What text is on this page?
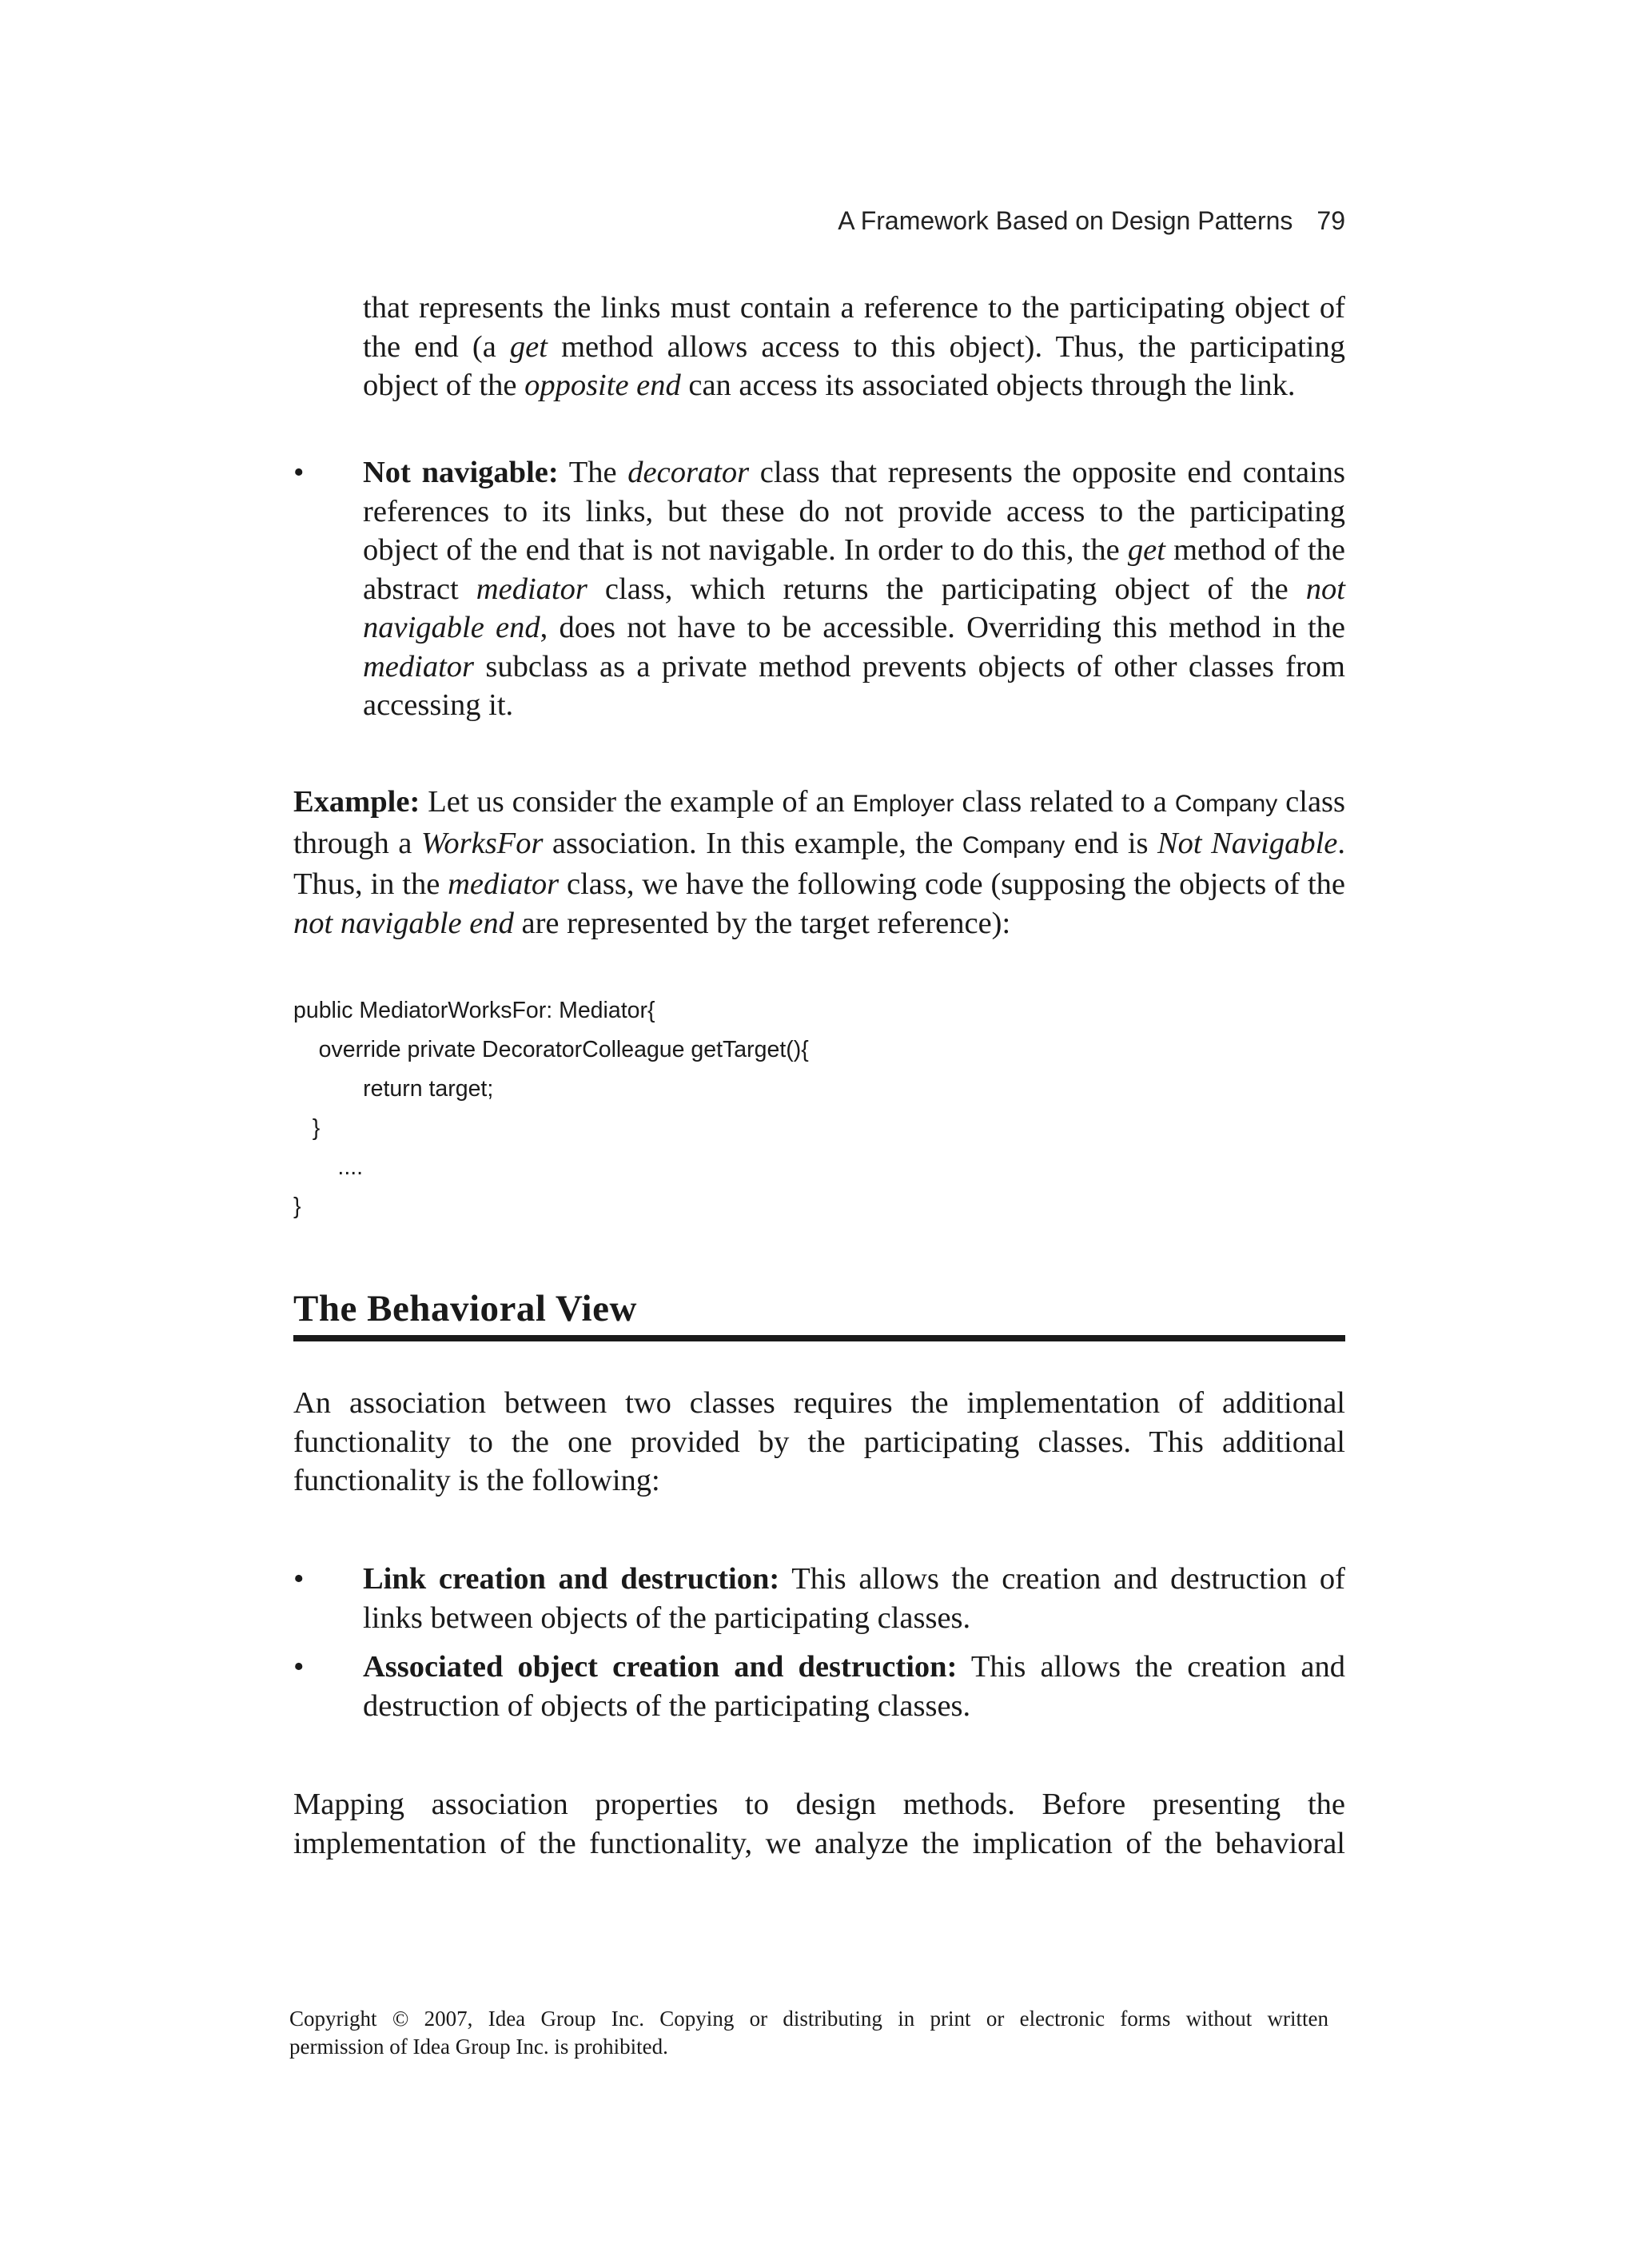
A Framework Based on Design Patterns 79

that represents the links must contain a reference to the participating object of the end (a get method allows access to this object). Thus, the participating object of the opposite end can access its associated objects through the link.

• Not navigable: The decorator class that represents the opposite end contains references to its links, but these do not provide access to the participating object of the end that is not navigable. In order to do this, the get method of the abstract mediator class, which returns the participating object of the not navigable end, does not have to be accessible. Overriding this method in the mediator subclass as a private method prevents objects of other classes from accessing it.

Example: Let us consider the example of an Employer class related to a Company class through a WorksFor association. In this example, the Company end is Not Navigable. Thus, in the mediator class, we have the following code (supposing the objects of the not navigable end are represented by the target reference):

public MediatorWorksFor: Mediator{
override private DecoratorColleague getTarget(){
return target;
}
....
}
The Behavioral View

An association between two classes requires the implementation of additional functionality to the one provided by the participating classes. This additional functionality is the following:

• Link creation and destruction: This allows the creation and destruction of links between objects of the participating classes.
• Associated object creation and destruction: This allows the creation and destruction of objects of the participating classes.

Mapping association properties to design methods. Before presenting the implementation of the functionality, we analyze the implication of the behavioral

Copyright © 2007, Idea Group Inc. Copying or distributing in print or electronic forms without written
permission of Idea Group Inc. is prohibited.
